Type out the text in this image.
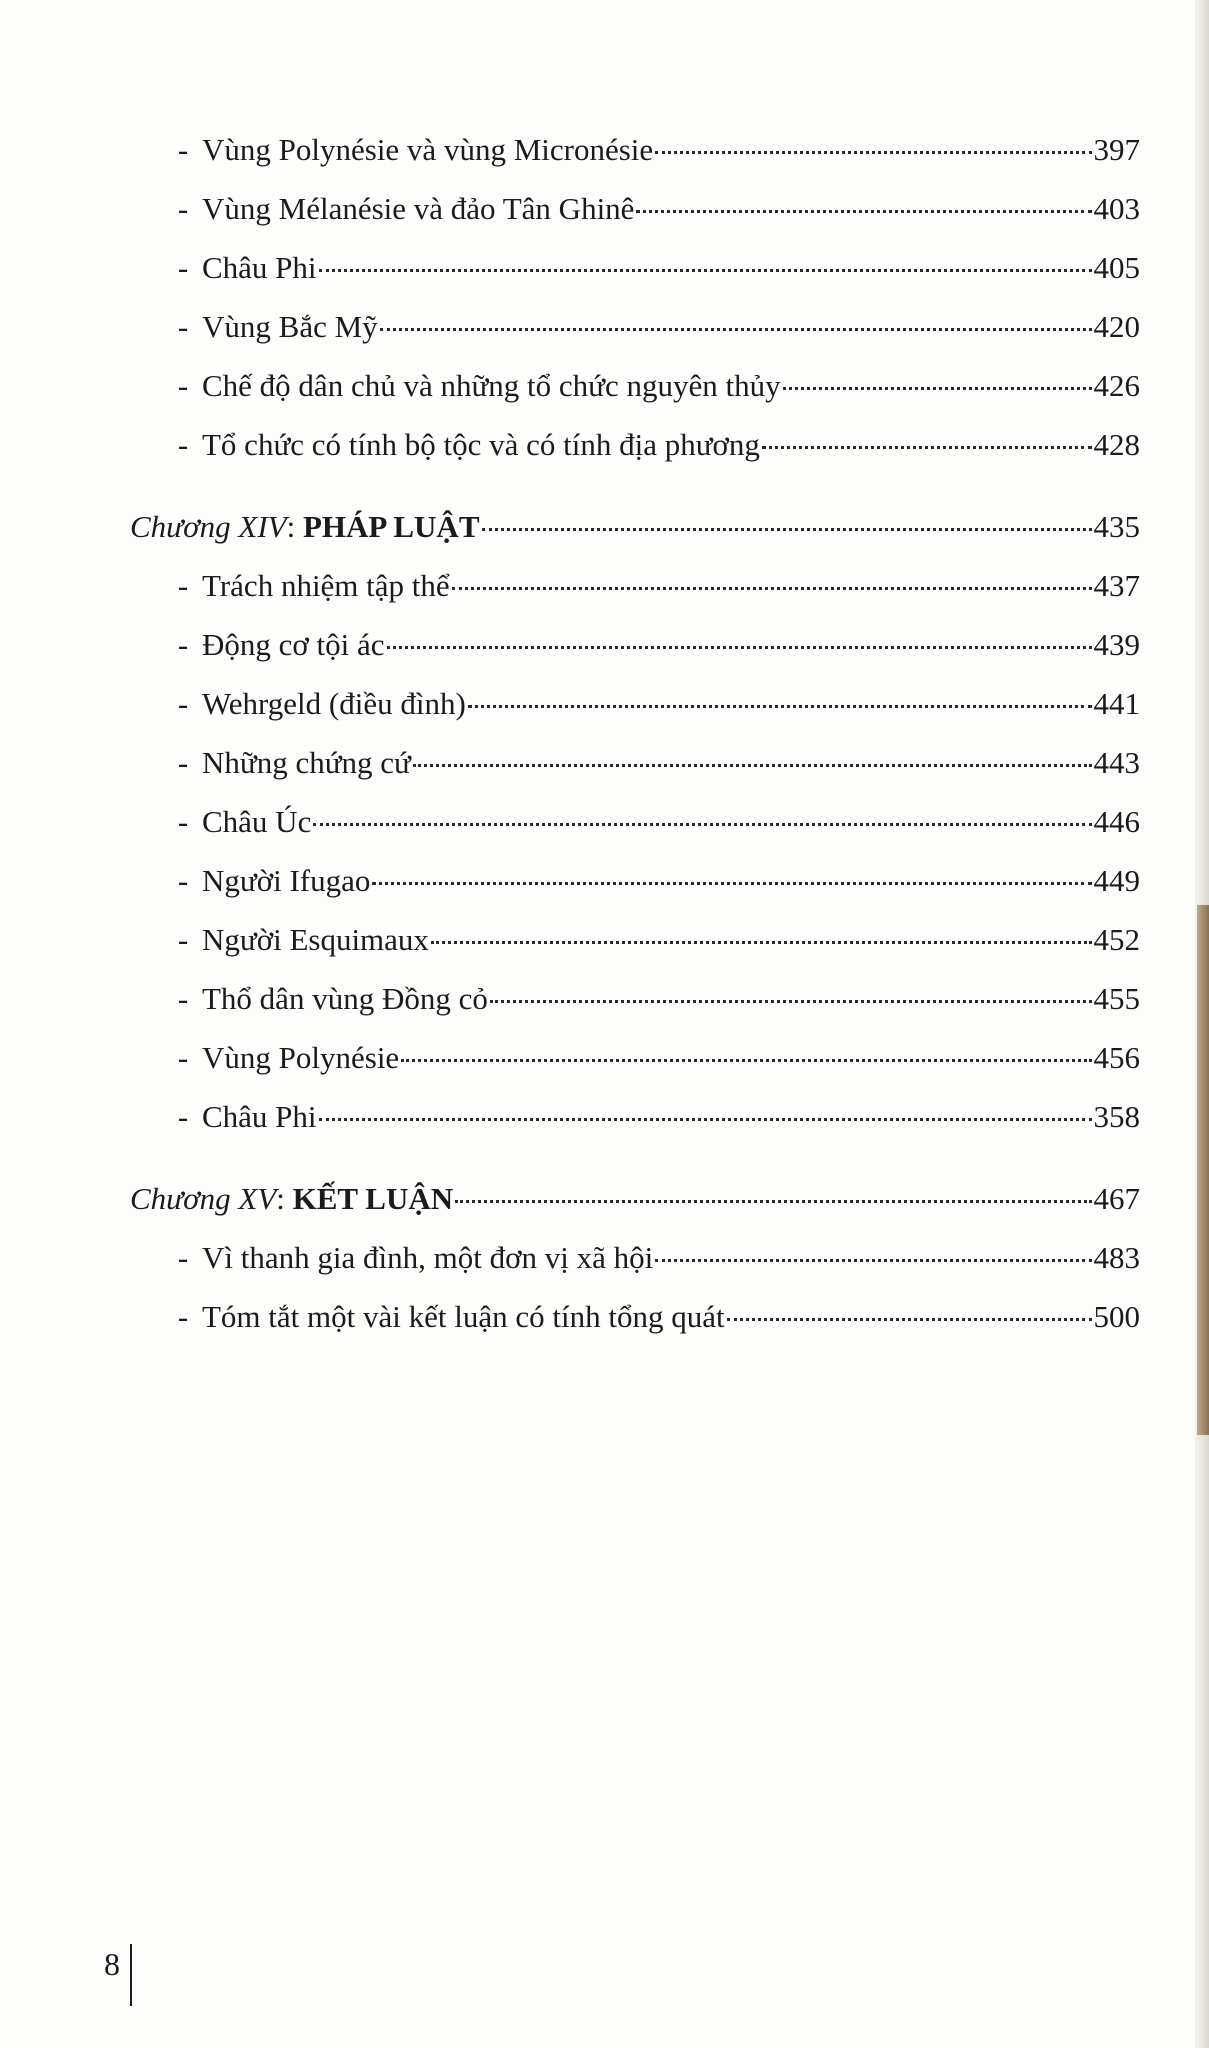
- Vùng Polynésie và vùng Micronésie	397
- Vùng Mélanésie và đảo Tân Ghinê	403
- Châu Phi	405
- Vùng Bắc Mỹ	420
- Chế độ dân chủ và những tổ chức nguyên thủy	426
- Tổ chức có tính bộ tộc và có tính địa phương	428
Chương XIV: PHÁP LUẬT	435
- Trách nhiệm tập thể	437
- Động cơ tội ác	439
- Wehrgeld (điều đình)	441
- Những chứng cứ	443
- Châu Úc	446
- Người Ifugao	449
- Người Esquimaux	452
- Thổ dân vùng Đồng cỏ	455
- Vùng Polynésie	456
- Châu Phi	358
Chương XV: KẾT LUẬN	467
- Vì thanh gia đình, một đơn vị xã hội	483
- Tóm tắt một vài kết luận có tính tổng quát	500
8
